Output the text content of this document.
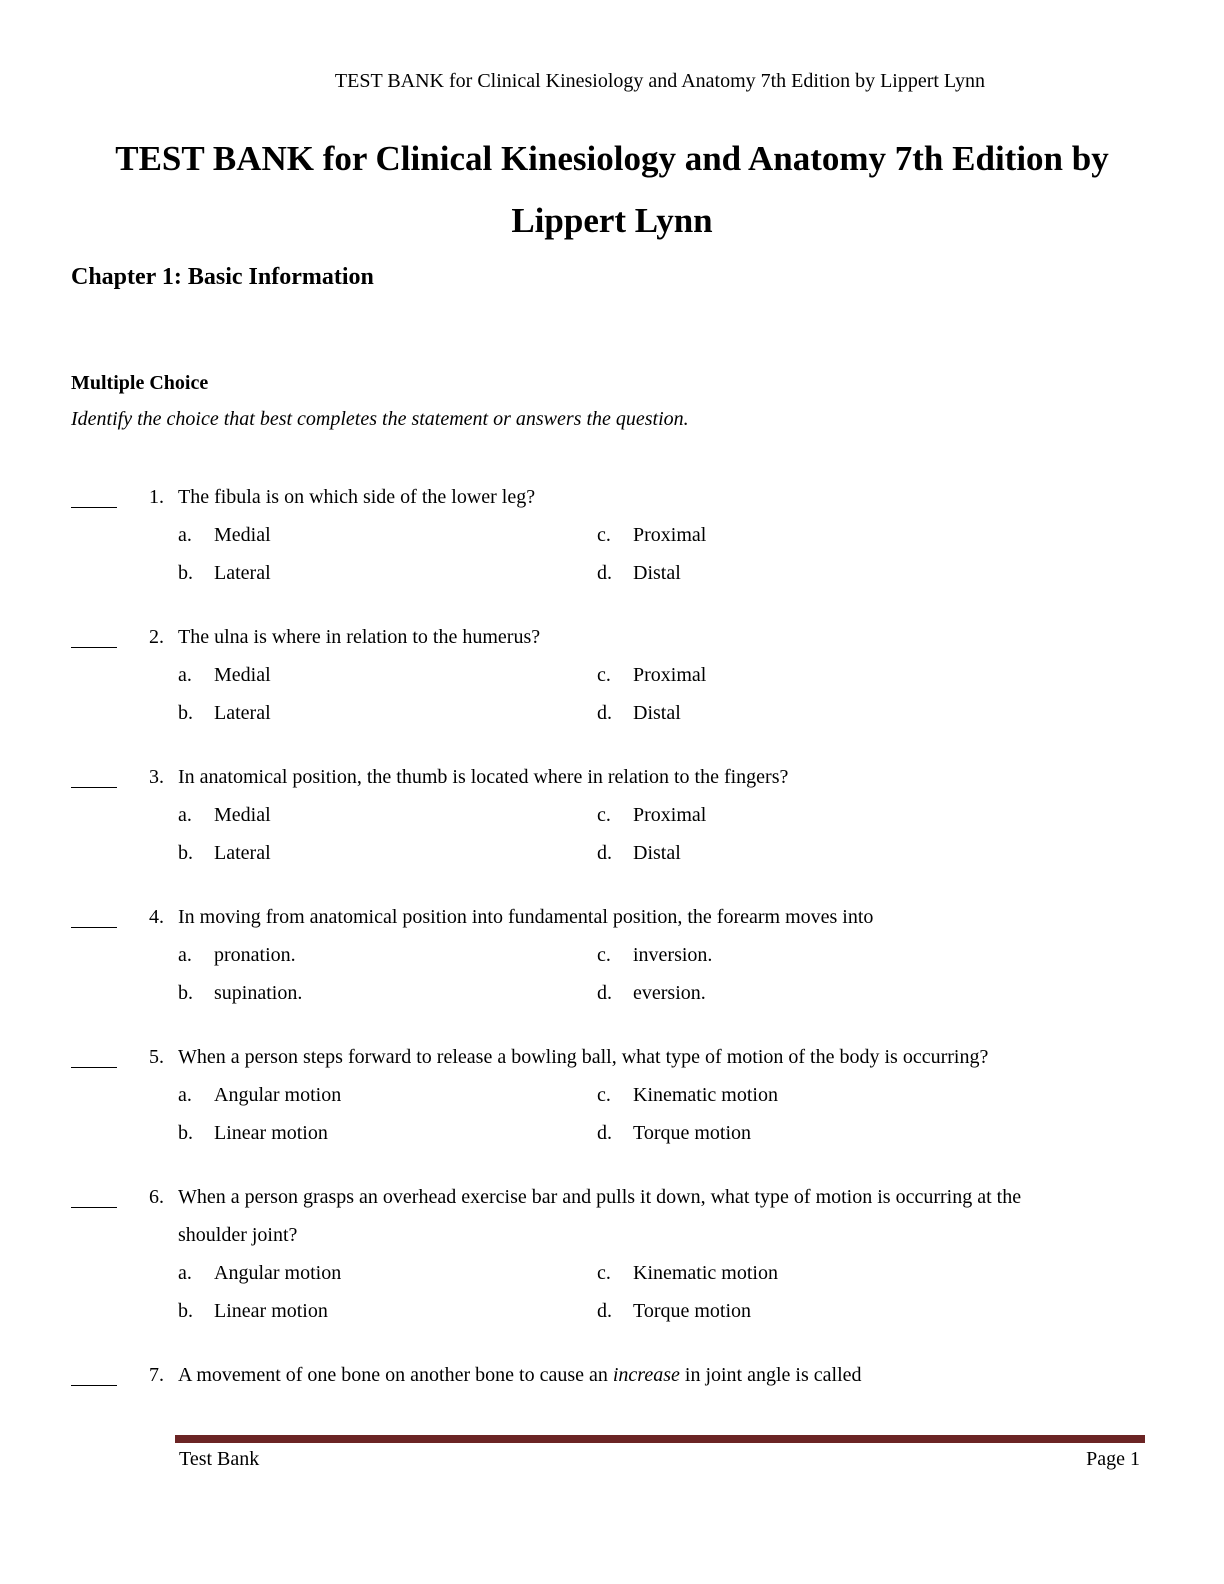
TEST BANK for Clinical Kinesiology and Anatomy 7th Edition by Lippert Lynn
TEST BANK for Clinical Kinesiology and Anatomy 7th Edition by
Lippert Lynn
Chapter 1: Basic Information
Multiple Choice
Identify the choice that best completes the statement or answers the question.
1. The fibula is on which side of the lower leg?
a.	Medial
b. Lateral
c.	Proximal
d. Distal
2. The ulna is where in relation to the humerus?
a.	Medial
b. Lateral
c.	Proximal
d. Distal
3. In anatomical position, the thumb is located where in relation to the fingers?
a.	Medial
b. Lateral
c.	Proximal
d. Distal
4. In moving from anatomical position into fundamental position, the forearm moves into
a.	pronation.
b. supination.
c.	inversion.
d. eversion.
5. When a person steps forward to release a bowling ball, what type of motion of the body is occurring?
a.	Angular motion
b. Linear motion
c.	Kinematic motion
d. Torque motion
6. When a person grasps an overhead exercise bar and pulls it down, what type of motion is occurring at the
shoulder joint?
a.	Angular motion
b. Linear motion
c.	Kinematic motion
d. Torque motion
7. A movement of one bone on another bone to cause an increase in joint angle is called
Test Bank	Page 1
